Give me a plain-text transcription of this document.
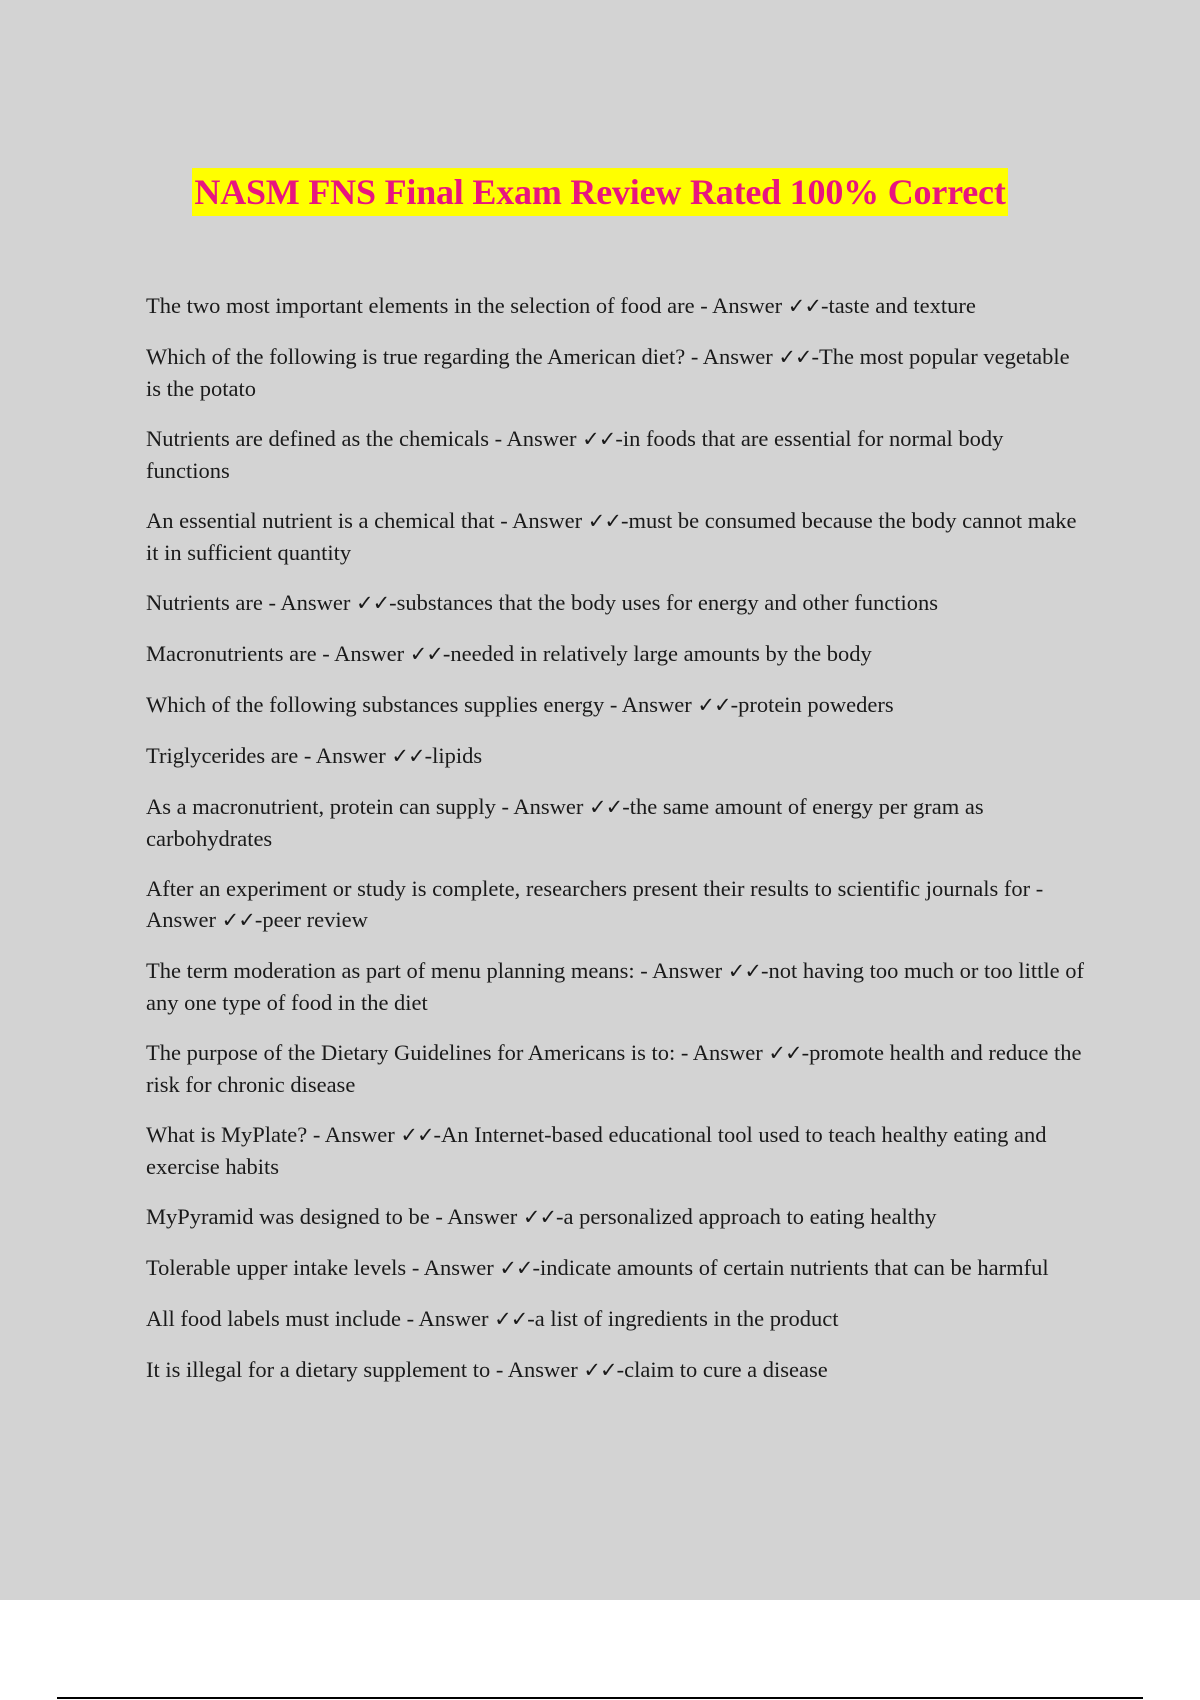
NASM FNS Final Exam Review Rated 100% Correct
The two most important elements in the selection of food are - Answer ✓✓-taste and texture
Which of the following is true regarding the American diet? - Answer ✓✓-The most popular vegetable is the potato
Nutrients are defined as the chemicals - Answer ✓✓-in foods that are essential for normal body functions
An essential nutrient is a chemical that - Answer ✓✓-must be consumed because the body cannot make it in sufficient quantity
Nutrients are - Answer ✓✓-substances that the body uses for energy and other functions
Macronutrients are - Answer ✓✓-needed in relatively large amounts by the body
Which of the following substances supplies energy - Answer ✓✓-protein poweders
Triglycerides are - Answer ✓✓-lipids
As a macronutrient, protein can supply - Answer ✓✓-the same amount of energy per gram as carbohydrates
After an experiment or study is complete, researchers present their results to scientific journals for - Answer ✓✓-peer review
The term moderation as part of menu planning means: - Answer ✓✓-not having too much or too little of any one type of food in the diet
The purpose of the Dietary Guidelines for Americans is to: - Answer ✓✓-promote health and reduce the risk for chronic disease
What is MyPlate? - Answer ✓✓-An Internet-based educational tool used to teach healthy eating and exercise habits
MyPyramid was designed to be - Answer ✓✓-a personalized approach to eating healthy
Tolerable upper intake levels - Answer ✓✓-indicate amounts of certain nutrients that can be harmful
All food labels must include - Answer ✓✓-a list of ingredients in the product
It is illegal for a dietary supplement to - Answer ✓✓-claim to cure a disease
